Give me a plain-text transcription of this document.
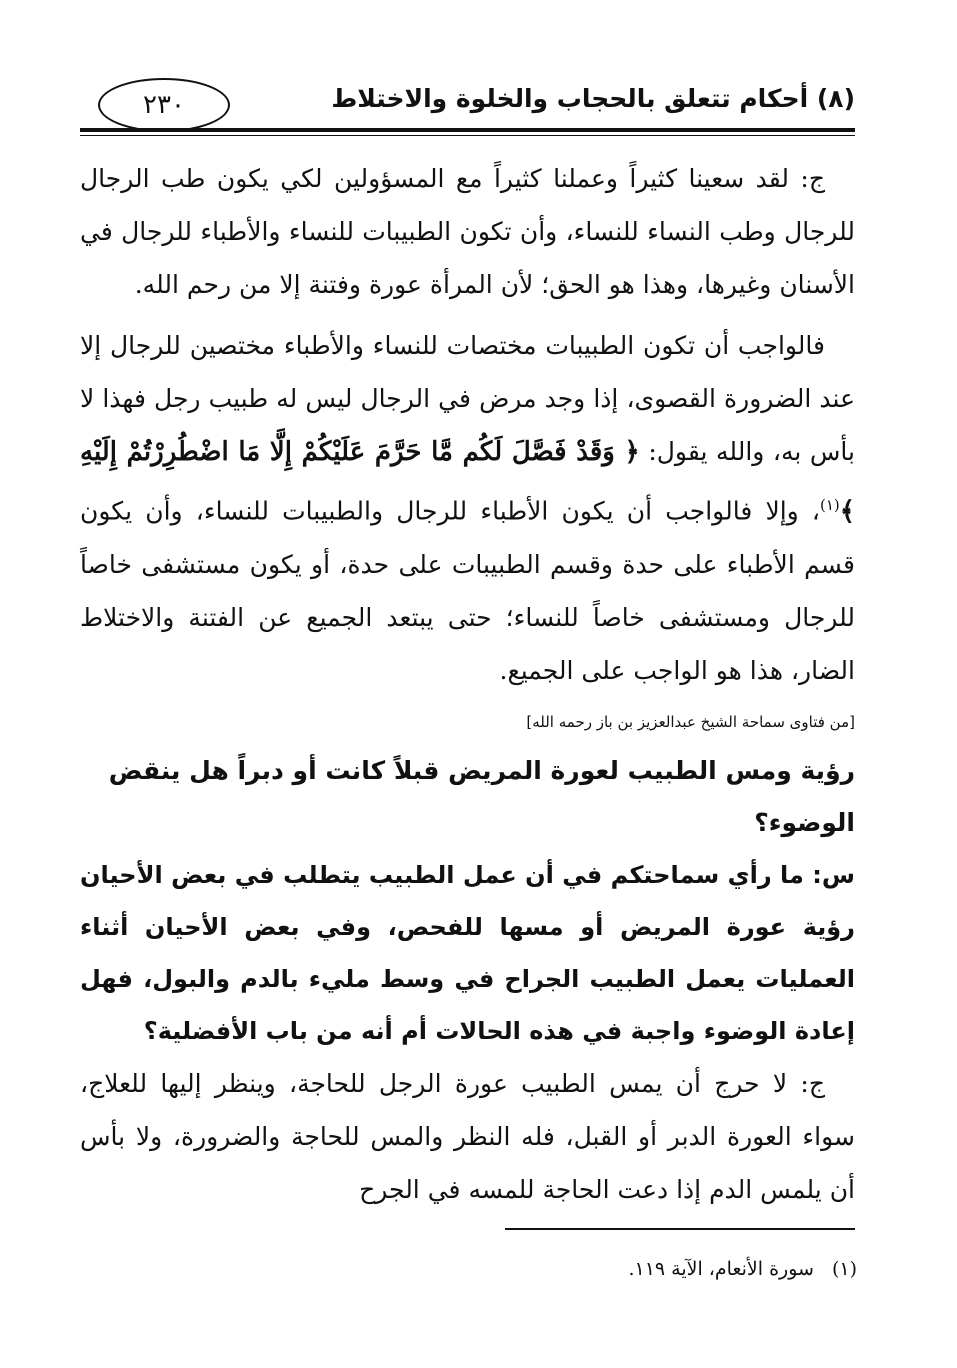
(٨) أحكام تتعلق بالحجاب والخلوة والاختلاط
٢٣٠

ج: لقد سعينا كثيراً وعملنا كثيراً مع المسؤولين لكي يكون طب الرجال للرجال وطب النساء للنساء، وأن تكون الطبيبات للنساء والأطباء للرجال في الأسنان وغيرها، وهذا هو الحق؛ لأن المرأة عورة وفتنة إلا من رحم الله.

فالواجب أن تكون الطبيبات مختصات للنساء والأطباء مختصين للرجال إلا عند الضرورة القصوى، إذا وجد مرض في الرجال ليس له طبيب رجل فهذا لا بأس به، والله يقول: ﴿ وَقَدْ فَصَّلَ لَكُم مَّا حَرَّمَ عَلَيْكُمْ إِلَّا مَا اضْطُرِرْتُمْ إِلَيْهِ ﴾$^{(١)}$، وإلا فالواجب أن يكون الأطباء للرجال والطبيبات للنساء، وأن يكون قسم الأطباء على حدة وقسم الطبيبات على حدة، أو يكون مستشفى خاصاً للرجال ومستشفى خاصاً للنساء؛ حتى يبتعد الجميع عن الفتنة والاختلاط الضار، هذا هو الواجب على الجميع.

[من فتاوى سماحة الشيخ عبدالعزيز بن باز رحمه الله]

رؤية ومس الطبيب لعورة المريض قبلاً كانت أو دبراً هل ينقض الوضوء؟

س: ما رأي سماحتكم في أن عمل الطبيب يتطلب في بعض الأحيان رؤية عورة المريض أو مسها للفحص، وفي بعض الأحيان أثناء العمليات يعمل الطبيب الجراح في وسط مليء بالدم والبول، فهل إعادة الوضوء واجبة في هذه الحالات أم أنه من باب الأفضلية؟

ج: لا حرج أن يمس الطبيب عورة الرجل للحاجة، وينظر إليها للعلاج، سواء العورة الدبر أو القبل، فله النظر والمس للحاجة والضرورة، ولا بأس أن يلمس الدم إذا دعت الحاجة للمسه في الجرح

(١)سورة الأنعام، الآية ١١٩.
